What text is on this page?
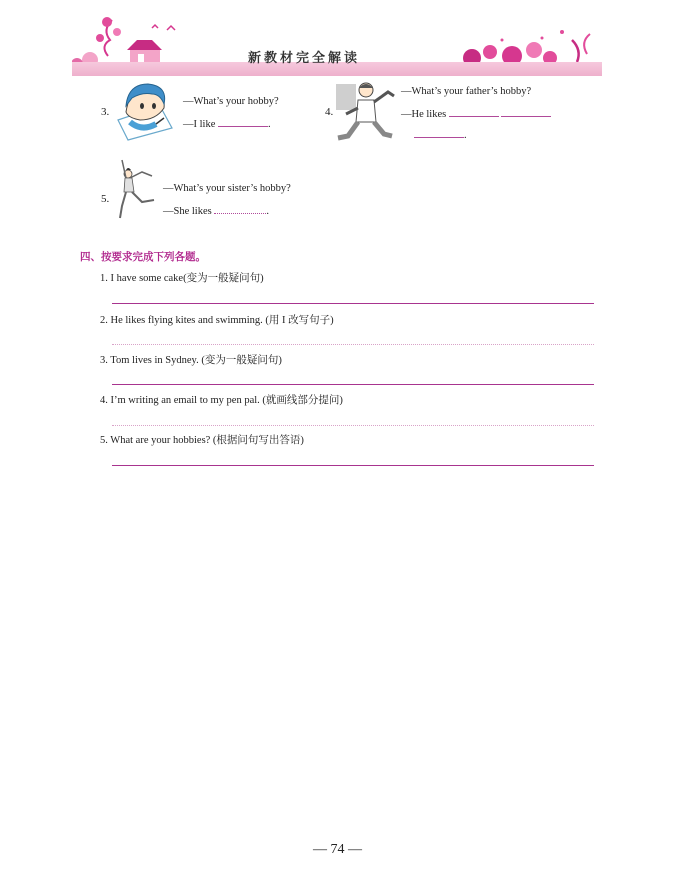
新教材完全解读
3.
—What’s your hobby?
—I like	.
4.
—What’s your father’s hobby?
—He likes
.
5.
—What’s your sister’s hobby?
—She likes	.
四、按要求完成下列各题。
1. I have some cake(变为一般疑问句)
2. He likes flying kites and swimming. (用 I 改写句子)
3. Tom lives in Sydney. (变为一般疑问句)
4. I’m writing an email to my pen pal. (就画线部分提问)
5. What are your hobbies? (根据问句写出答语)
— 74 —
